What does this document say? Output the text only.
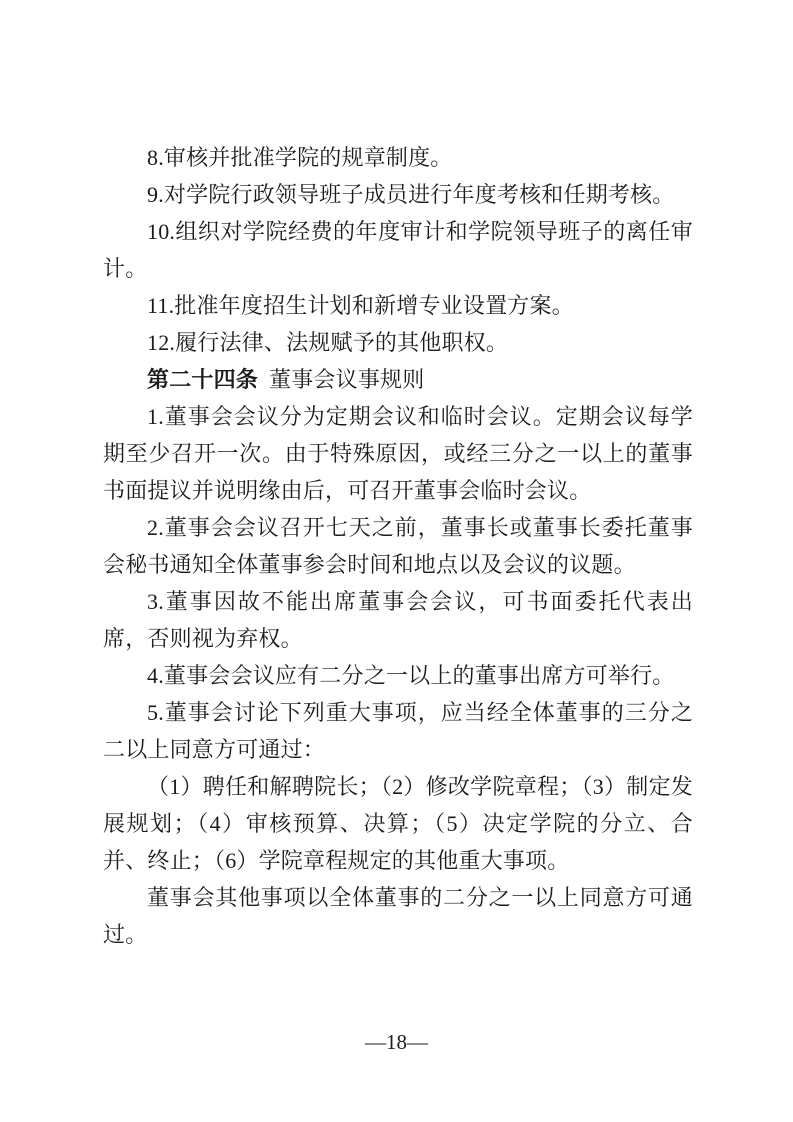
8.审核并批准学院的规章制度。

9.对学院行政领导班子成员进行年度考核和任期考核。

10.组织对学院经费的年度审计和学院领导班子的离任审计。

11.批准年度招生计划和新增专业设置方案。

12.履行法律、法规赋予的其他职权。

第二十四条 董事会议事规则

1.董事会会议分为定期会议和临时会议。定期会议每学期至少召开一次。由于特殊原因，或经三分之一以上的董事书面提议并说明缘由后，可召开董事会临时会议。

2.董事会会议召开七天之前，董事长或董事长委托董事会秘书通知全体董事参会时间和地点以及会议的议题。

3.董事因故不能出席董事会会议，可书面委托代表出席，否则视为弃权。

4.董事会会议应有二分之一以上的董事出席方可举行。

5.董事会讨论下列重大事项，应当经全体董事的三分之二以上同意方可通过：

（1）聘任和解聘院长；（2）修改学院章程；（3）制定发展规划；（4）审核预算、决算；（5）决定学院的分立、合并、终止；（6）学院章程规定的其他重大事项。

董事会其他事项以全体董事的二分之一以上同意方可通过。

—18—
